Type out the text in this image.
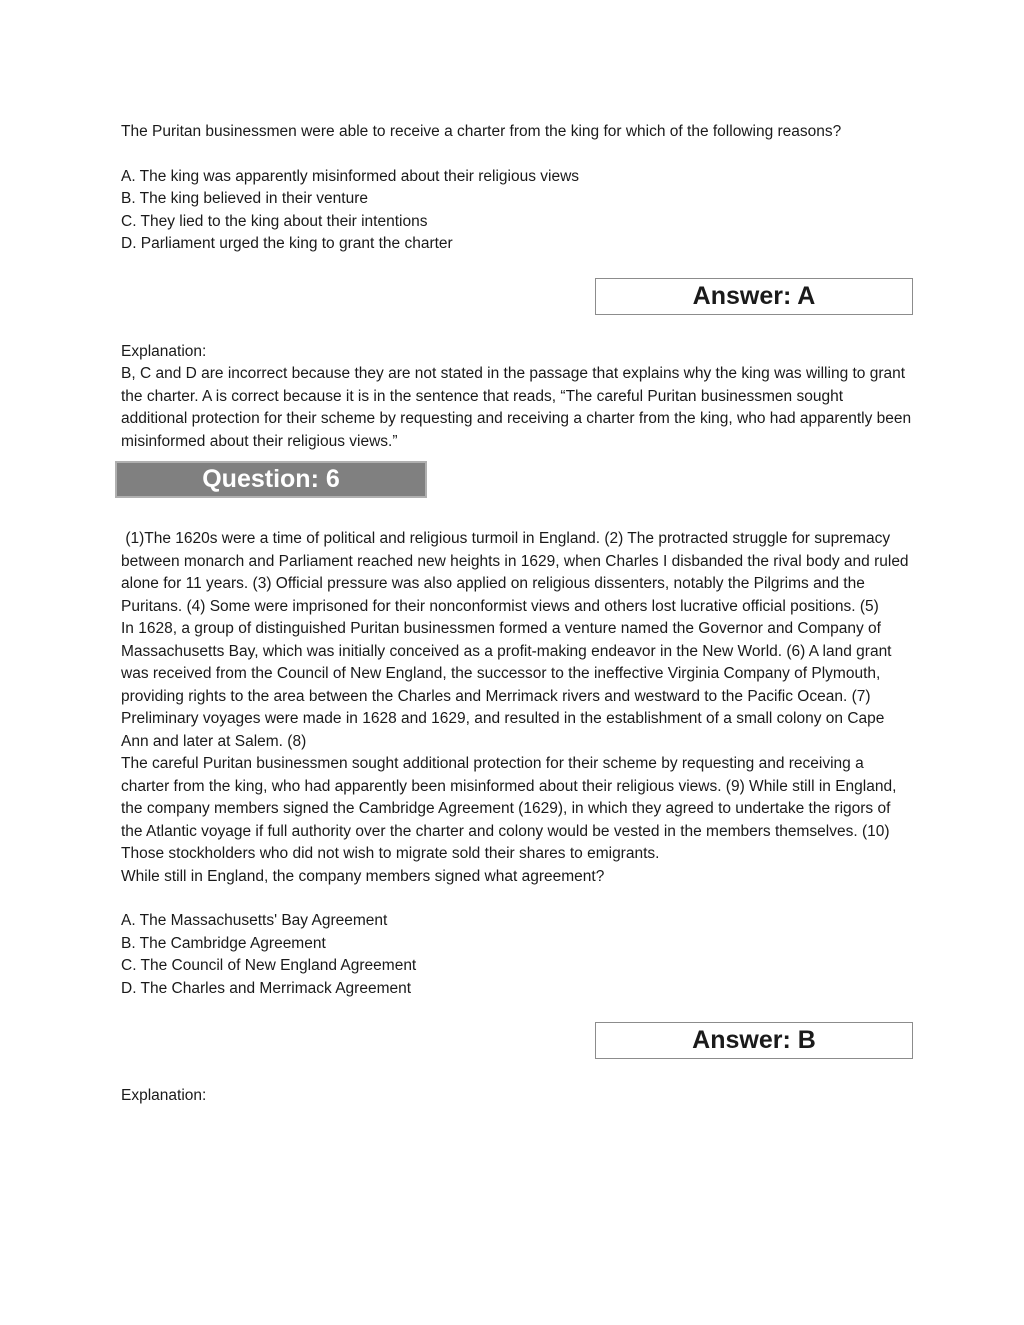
The Puritan businessmen were able to receive a charter from the king for which of the following reasons?

A. The king was apparently misinformed about their religious views

B. The king believed in their venture

C. They lied to the king about their intentions

D. Parliament urged the king to grant the charter

Answer: A

Explanation:

B, C and D are incorrect because they are not stated in the passage that explains why the king was willing to grant the charter. A is correct because it is in the sentence that reads, “The careful Puritan businessmen sought additional protection for their scheme by requesting and receiving a charter from the king, who had apparently been misinformed about their religious views.”

Question: 6

(1)The 1620s were a time of political and religious turmoil in England. (2) The protracted struggle for supremacy between monarch and Parliament reached new heights in 1629, when Charles I disbanded the rival body and ruled alone for 11 years. (3) Official pressure was also applied on religious dissenters, notably the Pilgrims and the Puritans. (4) Some were imprisoned for their nonconformist views and others lost lucrative official positions. (5)

In 1628, a group of distinguished Puritan businessmen formed a venture named the Governor and Company of Massachusetts Bay, which was initially conceived as a profit-making endeavor in the New World. (6) A land grant was received from the Council of New England, the successor to the ineffective Virginia Company of Plymouth, providing rights to the area between the Charles and Merrimack rivers and westward to the Pacific Ocean. (7) Preliminary voyages were made in 1628 and 1629, and resulted in the establishment of a small colony on Cape Ann and later at Salem. (8)

The careful Puritan businessmen sought additional protection for their scheme by requesting and receiving a charter from the king, who had apparently been misinformed about their religious views. (9) While still in England, the company members signed the Cambridge Agreement (1629), in which they agreed to undertake the rigors of the Atlantic voyage if full authority over the charter and colony would be vested in the members themselves. (10) Those stockholders who did not wish to migrate sold their shares to emigrants.

While still in England, the company members signed what agreement?

A. The Massachusetts' Bay Agreement

B. The Cambridge Agreement

C. The Council of New England Agreement

D. The Charles and Merrimack Agreement

Answer: B

Explanation:
